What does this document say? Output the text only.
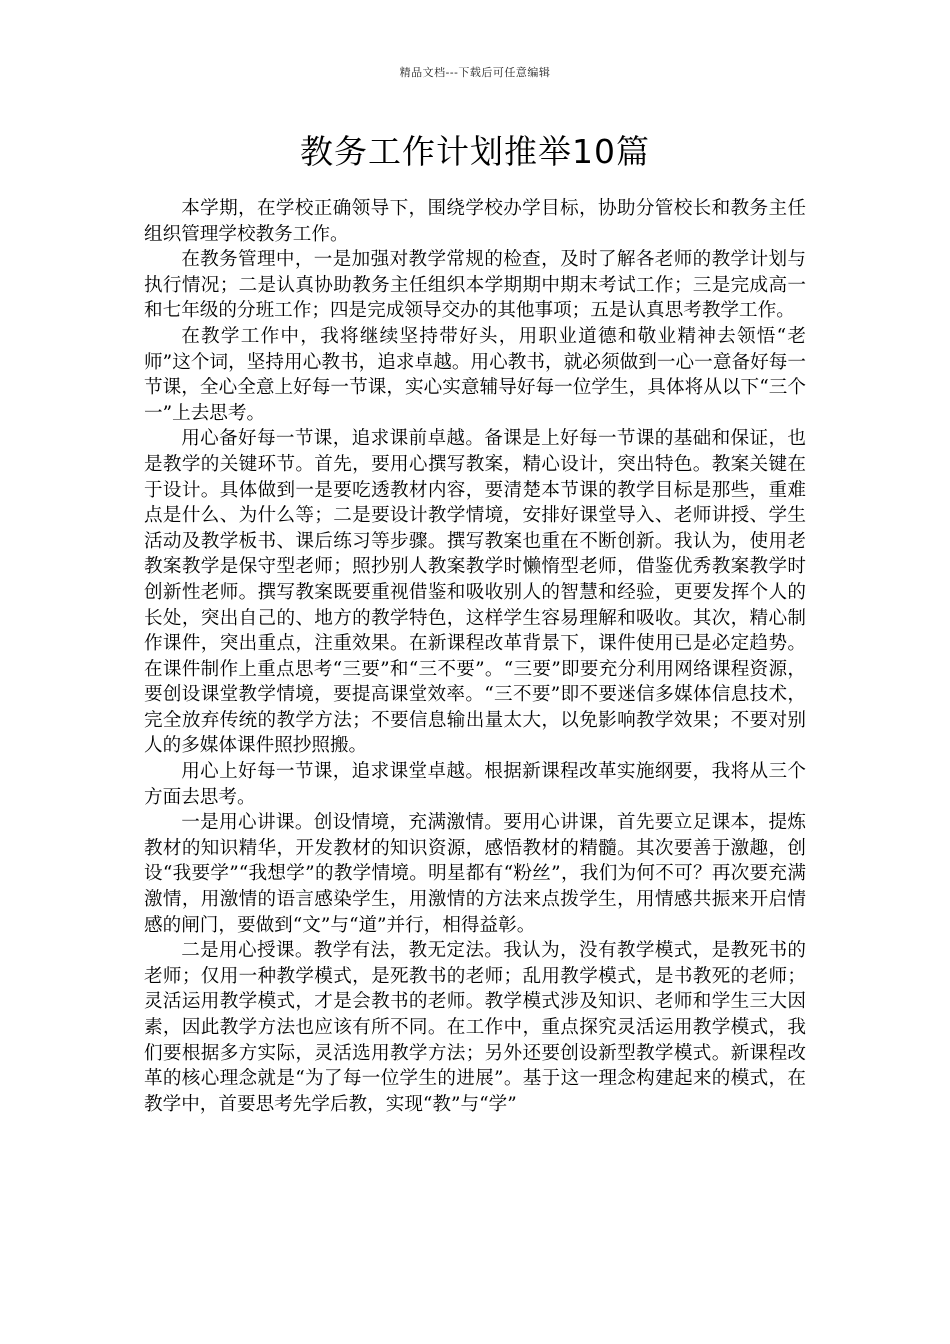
精品文档---下载后可任意编辑
教务工作计划推举10篇

本学期，在学校正确领导下，围绕学校办学目标，协助分管校长和教务主任组织管理学校教务工作。

在教务管理中，一是加强对教学常规的检查，及时了解各老师的教学计划与执行情况；二是认真协助教务主任组织本学期期中期末考试工作；三是完成高一和七年级的分班工作；四是完成领导交办的其他事项；五是认真思考教学工作。

在教学工作中，我将继续坚持带好头，用职业道德和敬业精神去领悟“老师”这个词，坚持用心教书，追求卓越。用心教书，就必须做到一心一意备好每一节课，全心全意上好每一节课，实心实意辅导好每一位学生，具体将从以下“三个一”上去思考。

用心备好每一节课，追求课前卓越。备课是上好每一节课的基础和保证，也是教学的关键环节。首先，要用心撰写教案，精心设计，突出特色。教案关键在于设计。具体做到一是要吃透教材内容，要清楚本节课的教学目标是那些，重难点是什么、为什么等；二是要设计教学情境，安排好课堂导入、老师讲授、学生活动及教学板书、课后练习等步骤。撰写教案也重在不断创新。我认为，使用老教案教学是保守型老师；照抄别人教案教学时懒惰型老师，借鉴优秀教案教学时创新性老师。撰写教案既要重视借鉴和吸收别人的智慧和经验，更要发挥个人的长处，突出自己的、地方的教学特色，这样学生容易理解和吸收。其次，精心制作课件，突出重点，注重效果。在新课程改革背景下，课件使用已是必定趋势。在课件制作上重点思考“三要”和“三不要”。“三要”即要充分利用网络课程资源，要创设课堂教学情境，要提高课堂效率。“三不要”即不要迷信多媒体信息技术，完全放弃传统的教学方法；不要信息输出量太大，以免影响教学效果；不要对别人的多媒体课件照抄照搬。

用心上好每一节课，追求课堂卓越。根据新课程改革实施纲要，我将从三个方面去思考。

一是用心讲课。创设情境，充满激情。要用心讲课，首先要立足课本，提炼教材的知识精华，开发教材的知识资源，感悟教材的精髓。其次要善于激趣，创设“我要学”“我想学”的教学情境。明星都有“粉丝”，我们为何不可？再次要充满激情，用激情的语言感染学生，用激情的方法来点拨学生，用情感共振来开启情感的闸门，要做到“文”与“道”并行，相得益彰。

二是用心授课。教学有法，教无定法。我认为，没有教学模式，是教死书的老师；仅用一种教学模式，是死教书的老师；乱用教学模式，是书教死的老师；灵活运用教学模式，才是会教书的老师。教学模式涉及知识、老师和学生三大因素，因此教学方法也应该有所不同。在工作中，重点探究灵活运用教学模式，我们要根据多方实际，灵活选用教学方法；另外还要创设新型教学模式。新课程改革的核心理念就是“为了每一位学生的进展”。基于这一理念构建起来的模式，在教学中，首要思考先学后教，实现“教”与“学”
